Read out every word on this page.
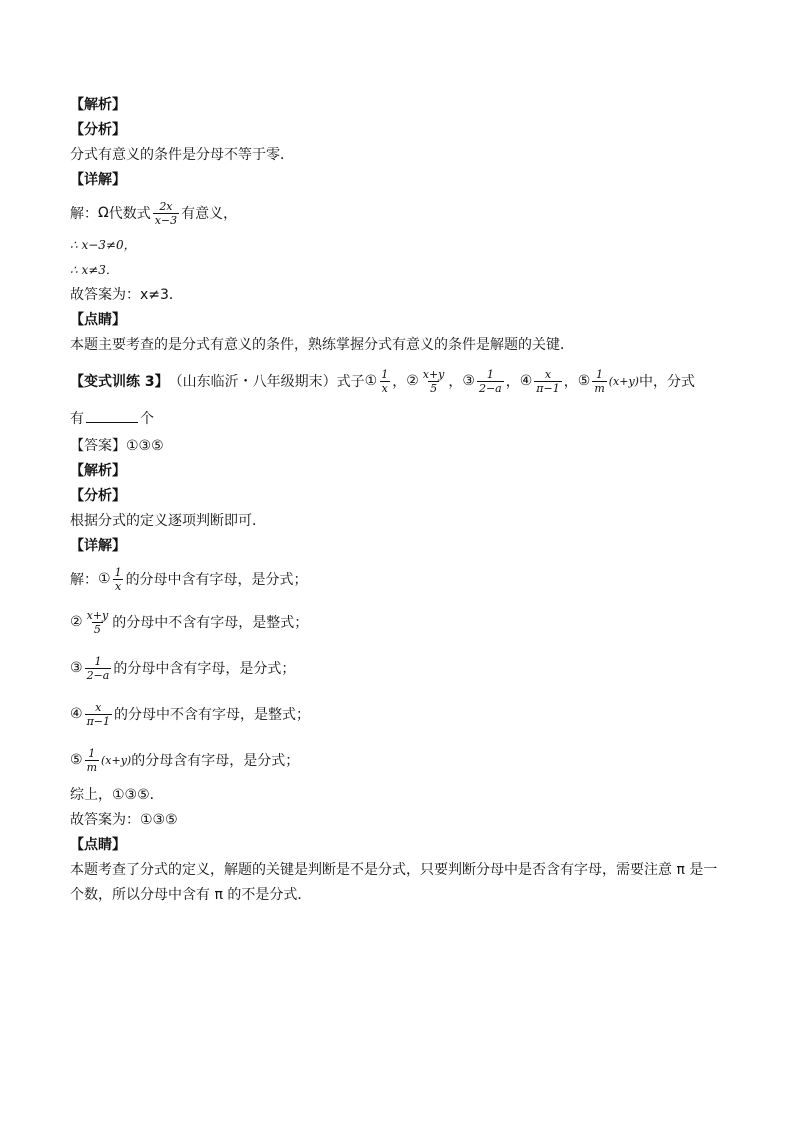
【解析】
【分析】
分式有意义的条件是分母不等于零．
【详解】
解： Ω 代数式 $\frac{2x}{x-3}$ 有意义，
∴ x−3≠0，
∴ x≠3．
故答案为：x≠3．
【点睛】
本题主要考查的是分式有意义的条件，熟练掌握分式有意义的条件是解题的关键．
【变式训练 3】 （山东临沂・八年级期末）式子 ① $\frac{1}{x}$ ， ② $\frac{x+y}{5}$ ， ③ $\frac{1}{2-a}$ ， ④ $\frac{x}{\pi-1}$ ， ⑤ $\frac{1}{m} (x+y)$ 中，分式
有	个
【答案】①③⑤
【解析】
【分析】
根据分式的定义逐项判断即可．
【详解】
解： ① $\frac{1}{x}$ 的分母中含有字母，是分式；
② $\frac{x+y}{5}$ 的分母中不含有字母，是整式；
③ $\frac{1}{2-a}$ 的分母中含有字母，是分式；
④ $\frac{x}{\pi-1}$ 的分母中不含有字母，是整式；
⑤ $\frac{1}{m} (x+y)$ 的分母含有字母，是分式；
综上，①③⑤．
故答案为：①③⑤
【点睛】
本题考查了分式的定义，解题的关键是判断是不是分式，只要判断分母中是否含有字母，需要注意 π 是一个数，所以分母中含有 π 的不是分式．
